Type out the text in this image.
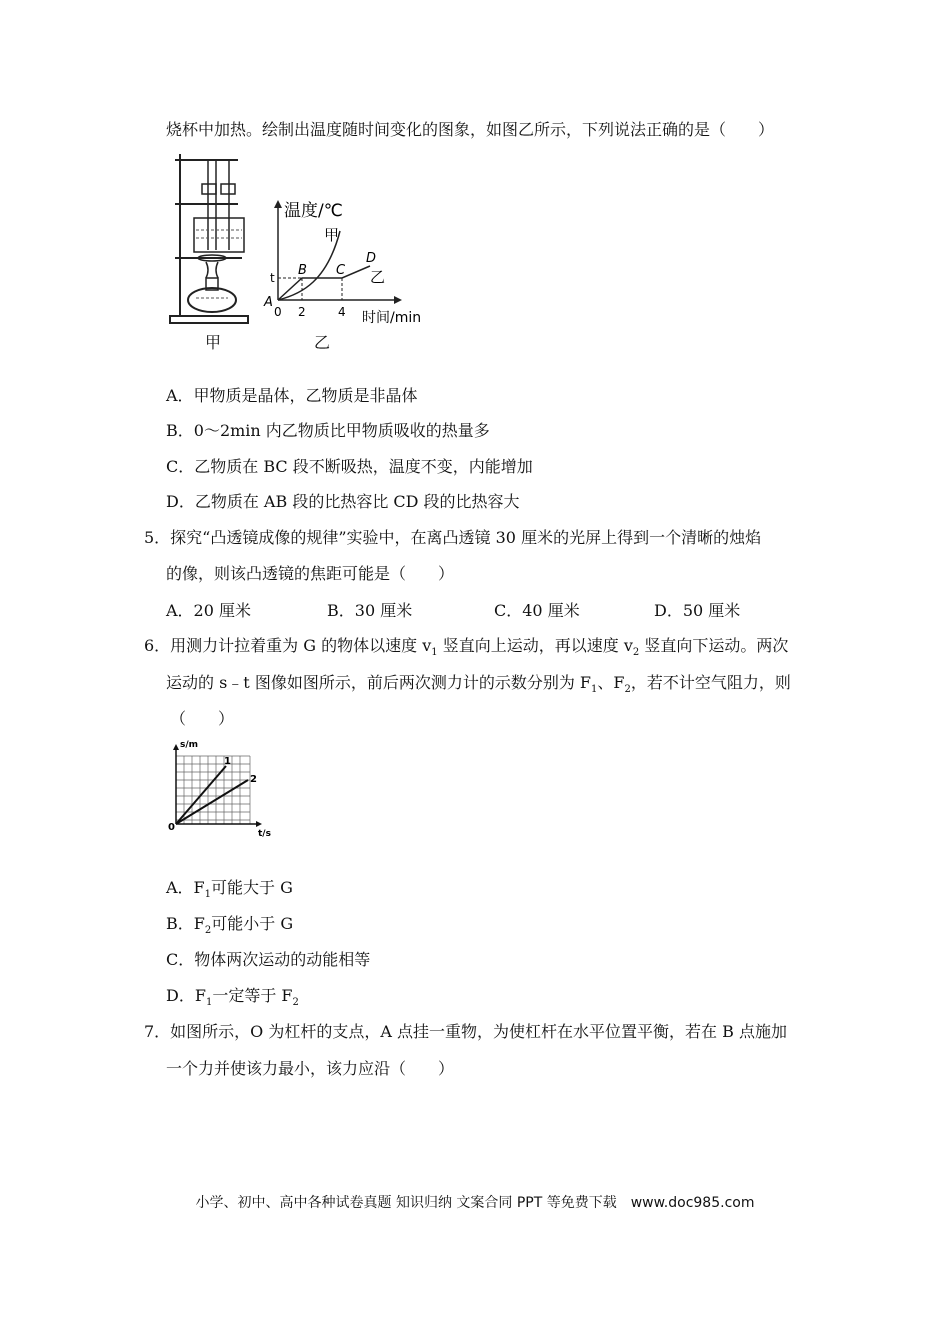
烧杯中加热。绘制出温度随时间变化的图象，如图乙所示，下列说法正确的是（　　）
甲
温度/℃
时间/min
甲
乙
t
A
B C
D
0 2	4
乙
A．甲物质是晶体，乙物质是非晶体
B．0～2min 内乙物质比甲物质吸收的热量多
C．乙物质在 BC 段不断吸热，温度不变，内能增加
D．乙物质在 AB 段的比热容比 CD 段的比热容大
5．探究“凸透镜成像的规律”实验中，在离凸透镜 30 厘米的光屏上得到一个清晰的烛焰
的像，则该凸透镜的焦距可能是（　　）
A．20 厘米	B．30 厘米	C．40 厘米	D．50 厘米
6．用测力计拉着重为 G 的物体以速度 $v_1$ 竖直向上运动，再以速度 $v_2$ 竖直向下运动。两次
运动的 s﹣t 图像如图所示，前后两次测力计的示数分别为 $F_1$、$F_2$，若不计空气阻力，则
（　　）
s/m
t/s
0
1
2
A．$F_1$可能大于 G
B．$F_2$可能小于 G
C．物体两次运动的动能相等
D．$F_1$一定等于 $F_2$
7．如图所示，O 为杠杆的支点，A 点挂一重物，为使杠杆在水平位置平衡，若在 B 点施加
一个力并使该力最小，该力应沿（　　）
小学、初中、高中各种试卷真题 知识归纳 文案合同 PPT 等免费下载　www.doc985.com
